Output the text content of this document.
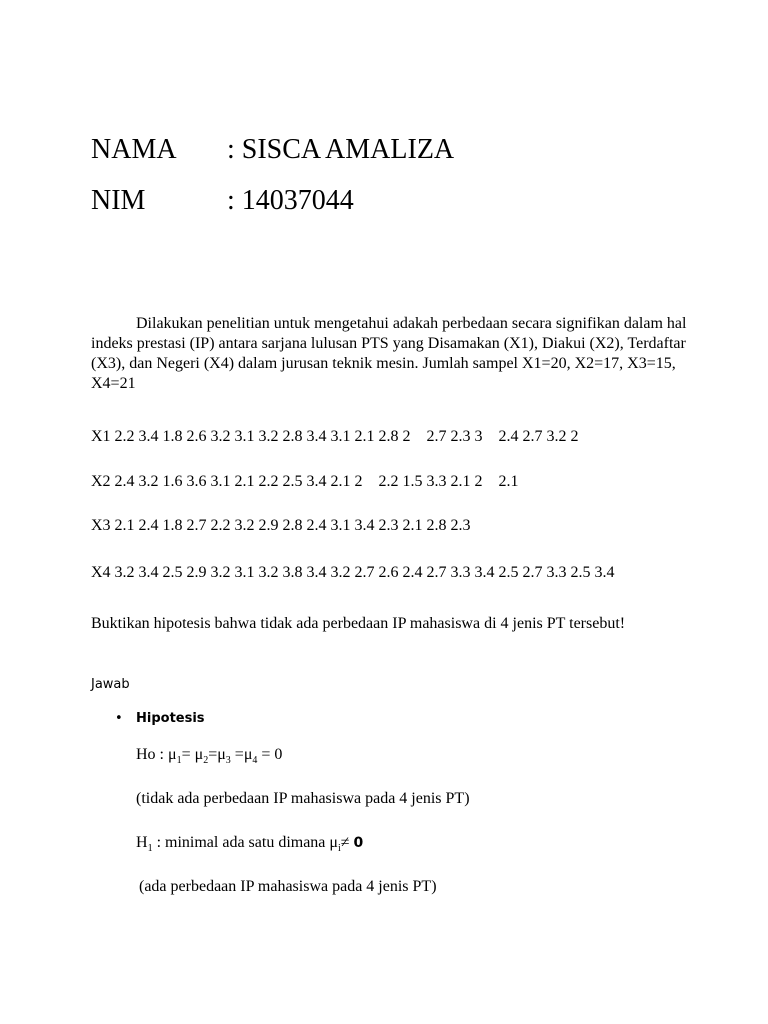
NAMA : SISCA AMALIZA
NIM	: 14037044
Dilakukan penelitian untuk mengetahui adakah perbedaan secara signifikan dalam hal indeks prestasi (IP) antara sarjana lulusan PTS yang Disamakan (X1), Diakui (X2), Terdaftar (X3), dan Negeri (X4) dalam jurusan teknik mesin. Jumlah sampel X1=20, X2=17, X3=15, X4=21
X1 2.2 3.4 1.8 2.6 3.2 3.1 3.2 2.8 3.4 3.1 2.1 2.8 2    2.7 2.3 3    2.4 2.7 3.2 2
X2 2.4 3.2 1.6 3.6 3.1 2.1 2.2 2.5 3.4 2.1 2    2.2 1.5 3.3 2.1 2    2.1
X3 2.1 2.4 1.8 2.7 2.2 3.2 2.9 2.8 2.4 3.1 3.4 2.3 2.1 2.8 2.3
X4 3.2 3.4 2.5 2.9 3.2 3.1 3.2 3.8 3.4 3.2 2.7 2.6 2.4 2.7 3.3 3.4 2.5 2.7 3.3 2.5 3.4
Buktikan hipotesis bahwa tidak ada perbedaan IP mahasiswa di 4 jenis PT tersebut!
Jawab
• Hipotesis
Ho : $\mu_1= \mu_2=\mu_3 =\mu_4 = 0$
(tidak ada perbedaan IP mahasiswa pada 4 jenis PT)
$H_1$ : minimal ada satu dimana $\mu_i\ne 0$
(ada perbedaan IP mahasiswa pada 4 jenis PT)
